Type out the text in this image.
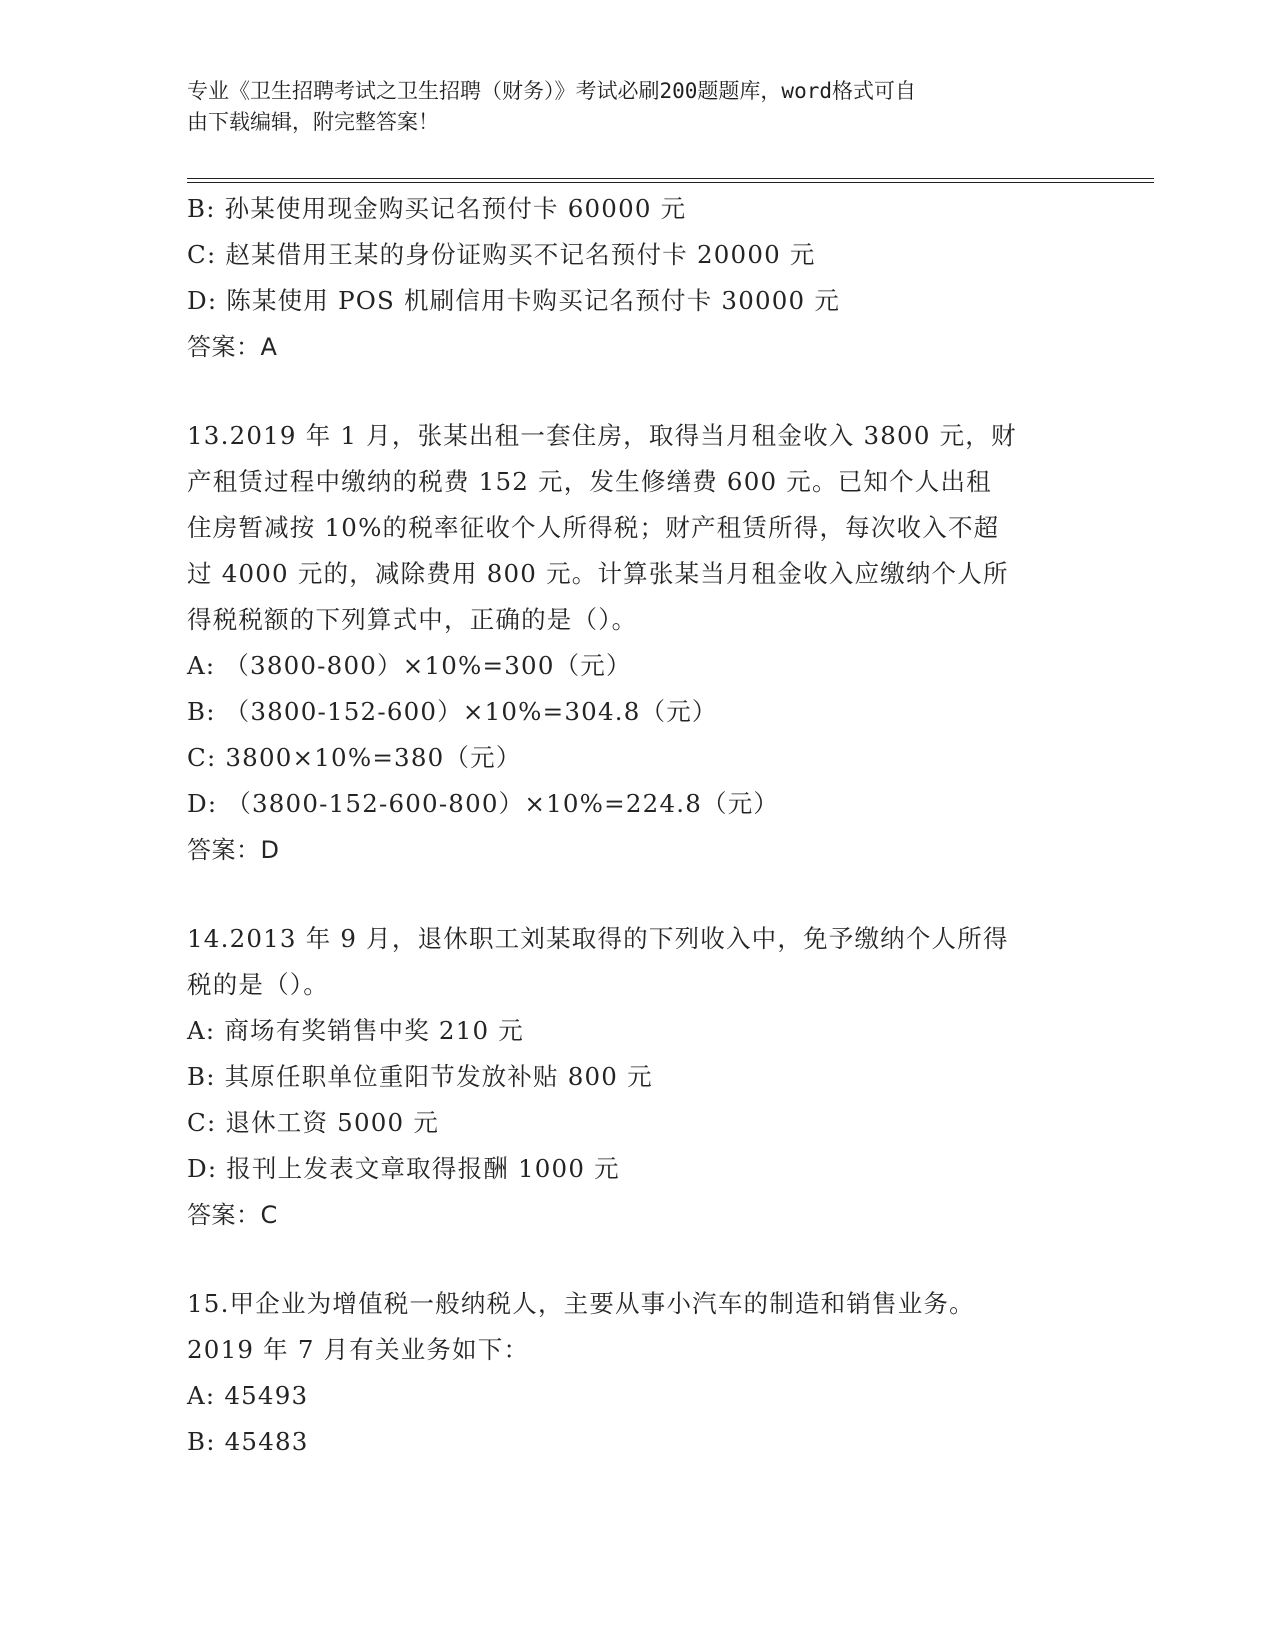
专业《卫生招聘考试之卫生招聘（财务）》考试必刷200题题库，word格式可自
由下载编辑，附完整答案！
B: 孙某使用现金购买记名预付卡 60000 元
C: 赵某借用王某的身份证购买不记名预付卡 20000 元
D: 陈某使用 POS 机刷信用卡购买记名预付卡 30000 元
答案：A
13.2019 年 1 月，张某出租一套住房，取得当月租金收入 3800 元，财
产租赁过程中缴纳的税费 152 元，发生修缮费 600 元。已知个人出租
住房暂减按 10%的税率征收个人所得税；财产租赁所得，每次收入不超
过 4000 元的，减除费用 800 元。计算张某当月租金收入应缴纳个人所
得税税额的下列算式中，正确的是（）。
A: （3800-800）×10%=300（元）
B: （3800-152-600）×10%=304.8（元）
C: 3800×10%=380（元）
D: （3800-152-600-800）×10%=224.8（元）
答案：D
14.2013 年 9 月，退休职工刘某取得的下列收入中，免予缴纳个人所得
税的是（）。
A: 商场有奖销售中奖 210 元
B: 其原任职单位重阳节发放补贴 800 元
C: 退休工资 5000 元
D: 报刊上发表文章取得报酬 1000 元
答案：C
15.甲企业为增值税一般纳税人，主要从事小汽车的制造和销售业务。
2019 年 7 月有关业务如下：
A: 45493
B: 45483
